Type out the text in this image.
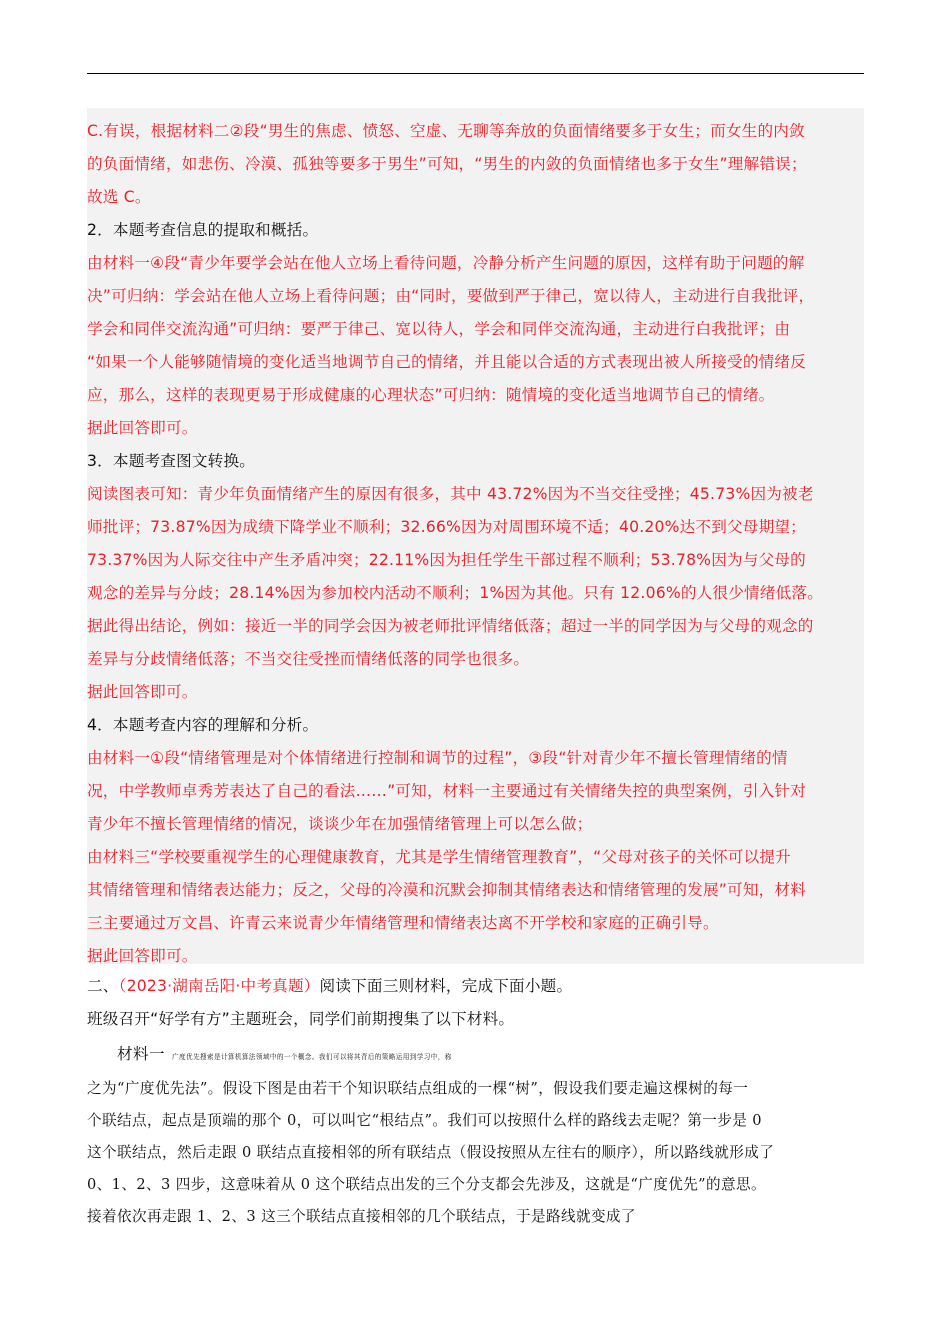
C.有误，根据材料二②段“男生的焦虑、愤怒、空虚、无聊等奔放的负面情绪要多于女生；而女生的内敛

的负面情绪，如悲伤、冷漠、孤独等要多于男生”可知，“男生的内敛的负面情绪也多于女生”理解错误；

故选 C。

2．本题考查信息的提取和概括。

由材料一④段“青少年要学会站在他人立场上看待问题，冷静分析产生问题的原因，这样有助于问题的解

决”可归纳：学会站在他人立场上看待问题；由“同时，要做到严于律己，宽以待人，主动进行自我批评，

学会和同伴交流沟通”可归纳：要严于律己、宽以待人，学会和同伴交流沟通，主动进行白我批评；由

“如果一个人能够随情境的变化适当地调节自己的情绪，并且能以合适的方式表现出被人所接受的情绪反

应，那么，这样的表现更易于形成健康的心理状态”可归纳：随情境的变化适当地调节自己的情绪。

据此回答即可。

3．本题考查图文转换。

阅读图表可知：青少年负面情绪产生的原因有很多，其中 43.72%因为不当交往受挫；45.73%因为被老

师批评；73.87%因为成绩下降学业不顺利；32.66%因为对周围环境不适；40.20%达不到父母期望；

73.37%因为人际交往中产生矛盾冲突；22.11%因为担任学生干部过程不顺利；53.78%因为与父母的

观念的差异与分歧；28.14%因为参加校内活动不顺利；1%因为其他。只有 12.06%的人很少情绪低落。

据此得出结论，例如：接近一半的同学会因为被老师批评情绪低落；超过一半的同学因为与父母的观念的

差异与分歧情绪低落；不当交往受挫而情绪低落的同学也很多。

据此回答即可。

4．本题考查内容的理解和分析。

由材料一①段“情绪管理是对个体情绪进行控制和调节的过程”，③段“针对青少年不擅长管理情绪的情

况，中学教师卓秀芳表达了自己的看法……”可知，材料一主要通过有关情绪失控的典型案例，引入针对

青少年不擅长管理情绪的情况，谈谈少年在加强情绪管理上可以怎么做；

由材料三“学校要重视学生的心理健康教育，尤其是学生情绪管理教育”，“父母对孩子的关怀可以提升

其情绪管理和情绪表达能力；反之，父母的冷漠和沉默会抑制其情绪表达和情绪管理的发展”可知，材料

三主要通过万文昌、许青云来说青少年情绪管理和情绪表达离不开学校和家庭的正确引导。

据此回答即可。

二、（2023·湖南岳阳·中考真题）阅读下面三则材料，完成下面小题。

班级召开“好学有方”主题班会，同学们前期搜集了以下材料。

材料一　 广度优先搜索是计算机算法领域中的一个概念。我们可以将其背后的策略运用到学习中，称

之为“广度优先法”。假设下图是由若干个知识联结点组成的一棵“树”，假设我们要走遍这棵树的每一

个联结点，起点是顶端的那个 0，可以叫它“根结点”。我们可以按照什么样的路线去走呢？第一步是 0

这个联结点，然后走跟 0 联结点直接相邻的所有联结点（假设按照从左往右的顺序），所以路线就形成了

0、1、2、3 四步，这意味着从 0 这个联结点出发的三个分支都会先涉及，这就是“广度优先”的意思。

接着依次再走跟 1、2、3 这三个联结点直接相邻的几个联结点，于是路线就变成了
